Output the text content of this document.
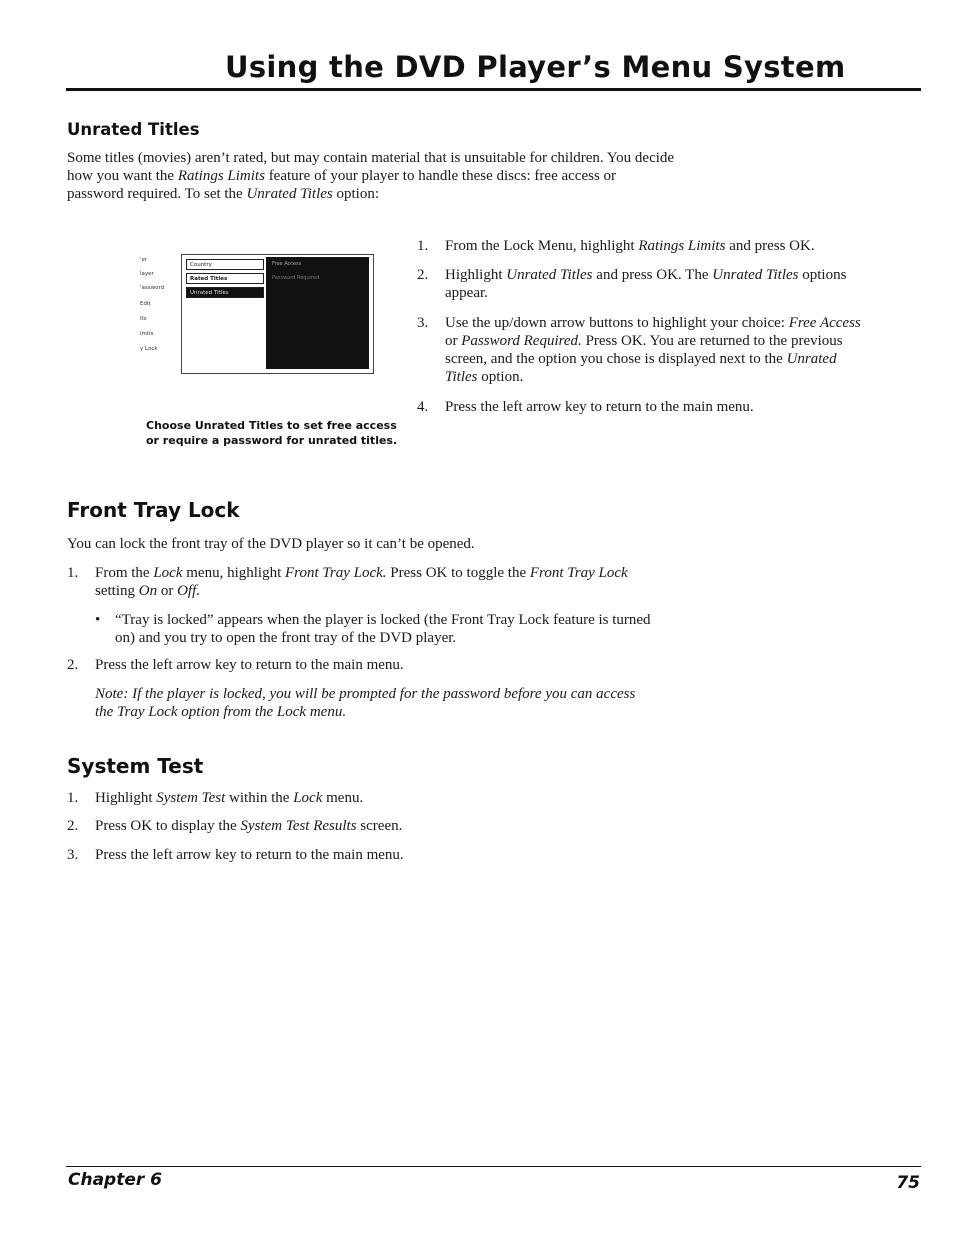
Using the DVD Player’s Menu System
Unrated Titles
Some titles (movies) aren’t rated, but may contain material that is unsuitable for children. You decide
how you want the Ratings Limits feature of your player to handle these discs: free access or
password required. To set the Unrated Titles option:
'er
layer
'assword
Edit
Its
imits
y Lock
Country
Rated Titles
Unrated Titles
Free Access
Password Required
Choose Unrated Titles to set free access
or require a password for unrated titles.
1. From the Lock Menu, highlight Ratings Limits and press OK.
2. Highlight Unrated Titles and press OK. The Unrated Titles options
appear.
3. Use the up/down arrow buttons to highlight your choice: Free Access
or Password Required. Press OK. You are returned to the previous
screen, and the option you chose is displayed next to the Unrated
Titles option.
4. Press the left arrow key to return to the main menu.
Front Tray Lock
You can lock the front tray of the DVD player so it can’t be opened.
1. From the Lock menu, highlight Front Tray Lock. Press OK to toggle the Front Tray Lock
setting On or Off.
• “Tray is locked” appears when the player is locked (the Front Tray Lock feature is turned
on) and you try to open the front tray of the DVD player.
2. Press the left arrow key to return to the main menu.
Note: If the player is locked, you will be prompted for the password before you can access
the Tray Lock option from the Lock menu.
System Test
1. Highlight System Test within the Lock menu.
2. Press OK to display the System Test Results screen.
3. Press the left arrow key to return to the main menu.
Chapter 6	75
